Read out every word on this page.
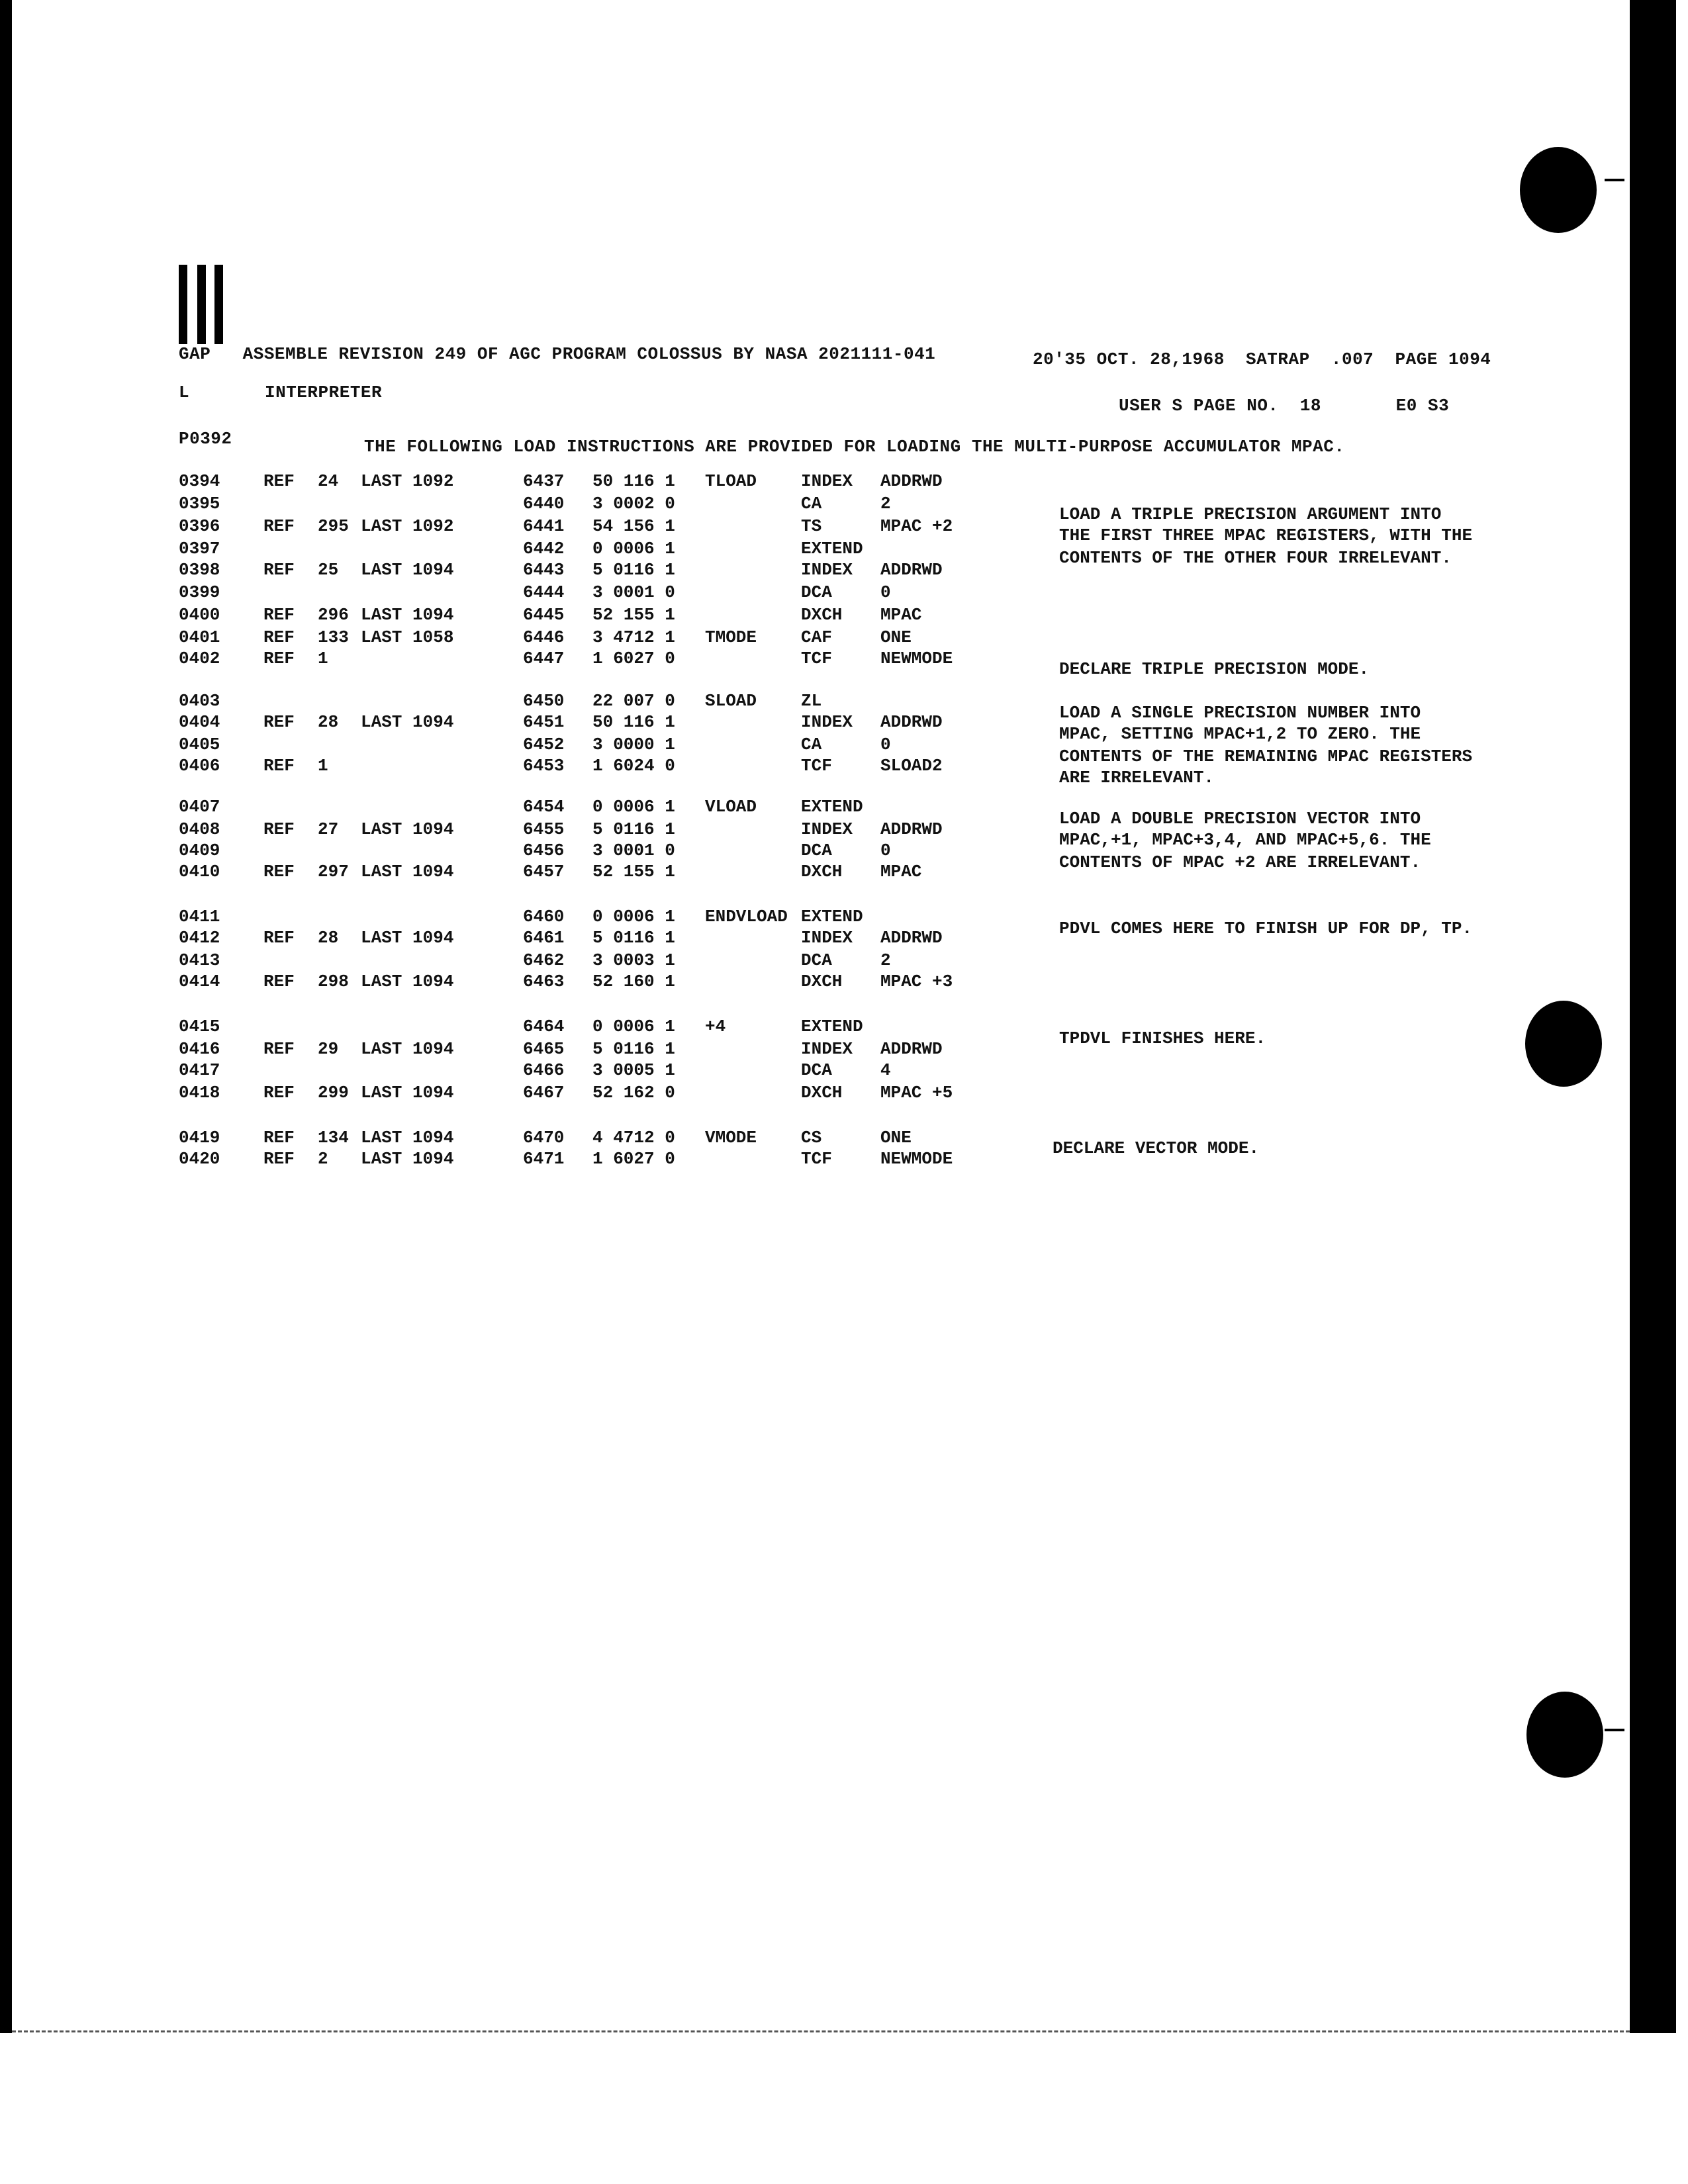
GAP   ASSEMBLE REVISION 249 OF AGC PROGRAM COLOSSUS BY NASA 2021111-041	20'35 OCT. 28,1968  SATRAP  .007  PAGE 1094
L	INTERPRETER
USER S PAGE NO.  18       E0 S3
P0392	THE FOLLOWING LOAD INSTRUCTIONS ARE PROVIDED FOR LOADING THE MULTI-PURPOSE ACCUMULATOR MPAC.
0394	REF 24 LAST 1092	6437 50 116 1 TLOAD	INDEX ADDRWD
0395	6440 3 0002 0	CA	2
0396	REF 295 LAST 1092	6441 54 156 1	TS	MPAC +2
0397	6442 0 0006 1	EXTEND
0398	REF 25 LAST 1094	6443 5 0116 1	INDEX ADDRWD
0399	6444 3 0001 0	DCA	0
0400	REF 296 LAST 1094	6445 52 155 1	DXCH MPAC
0401	REF 133 LAST 1058	6446 3 4712 1 TMODE	CAF	ONE
0402	REF 1	6447 1 6027 0	TCF	NEWMODE
0403	6450 22 007 0 SLOAD	ZL
0404	REF 28 LAST 1094	6451 50 116 1	INDEX ADDRWD
0405	6452 3 0000 1	CA	0
0406	REF 1	6453 1 6024 0	TCF	SLOAD2
0407	6454 0 0006 1 VLOAD	EXTEND
0408	REF 27 LAST 1094	6455 5 0116 1	INDEX ADDRWD
0409	6456 3 0001 0	DCA	0
0410	REF 297 LAST 1094	6457 52 155 1	DXCH MPAC
0411	6460 0 0006 1 ENDVLOAD EXTEND
0412	REF 28 LAST 1094	6461 5 0116 1	INDEX ADDRWD
0413	6462 3 0003 1	DCA	2
0414	REF 298 LAST 1094	6463 52 160 1	DXCH MPAC +3
0415	6464 0 0006 1 +4	EXTEND
0416	REF 29 LAST 1094	6465 5 0116 1	INDEX ADDRWD
0417	6466 3 0005 1	DCA	4
0418	REF 299 LAST 1094	6467 52 162 0	DXCH MPAC +5
0419	REF 134 LAST 1094	6470 4 4712 0 VMODE	CS	ONE
0420	REF 2 LAST 1094	6471 1 6027 0	TCF	NEWMODE
LOAD A TRIPLE PRECISION ARGUMENT INTO
THE FIRST THREE MPAC REGISTERS, WITH THE
CONTENTS OF THE OTHER FOUR IRRELEVANT.
DECLARE TRIPLE PRECISION MODE.
LOAD A SINGLE PRECISION NUMBER INTO
MPAC, SETTING MPAC+1,2 TO ZERO. THE
CONTENTS OF THE REMAINING MPAC REGISTERS
ARE IRRELEVANT.
LOAD A DOUBLE PRECISION VECTOR INTO
MPAC,+1, MPAC+3,4, AND MPAC+5,6. THE
CONTENTS OF MPAC +2 ARE IRRELEVANT.
PDVL COMES HERE TO FINISH UP FOR DP, TP.
TPDVL FINISHES HERE.
DECLARE VECTOR MODE.
